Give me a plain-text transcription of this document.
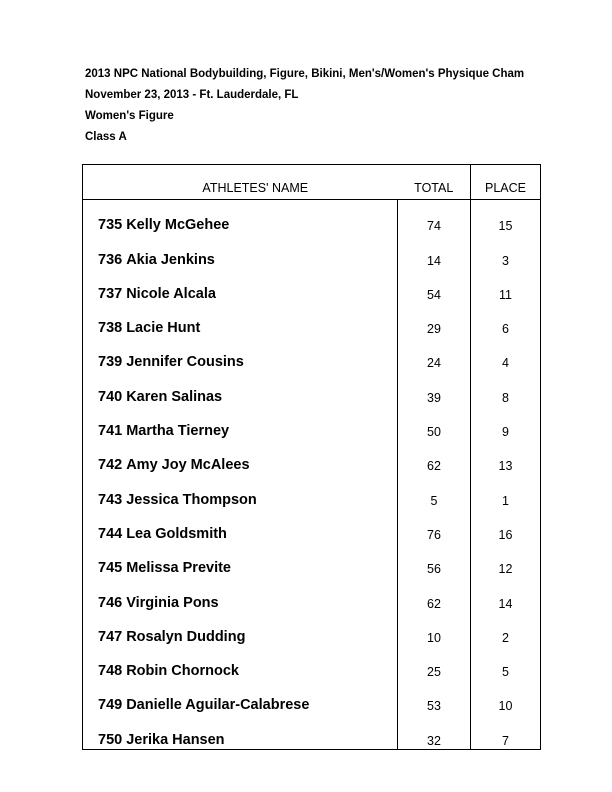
2013 NPC National Bodybuilding, Figure, Bikini, Men's/Women's Physique Cham
November 23, 2013 - Ft. Lauderdale, FL
Women's Figure
Class A
ATHLETES' NAME	TOTAL	PLACE
735 Kelly McGehee	74	15
736 Akia Jenkins	14	3
737 Nicole Alcala	54	11
738 Lacie Hunt	29	6
739 Jennifer Cousins	24	4
740 Karen Salinas	39	8
741 Martha Tierney	50	9
742 Amy Joy McAlees	62	13
743 Jessica Thompson	5	1
744 Lea Goldsmith	76	16
745 Melissa Previte	56	12
746 Virginia Pons	62	14
747 Rosalyn Dudding	10	2
748 Robin Chornock	25	5
749 Danielle Aguilar-Calabrese	53	10
750 Jerika Hansen	32	7
